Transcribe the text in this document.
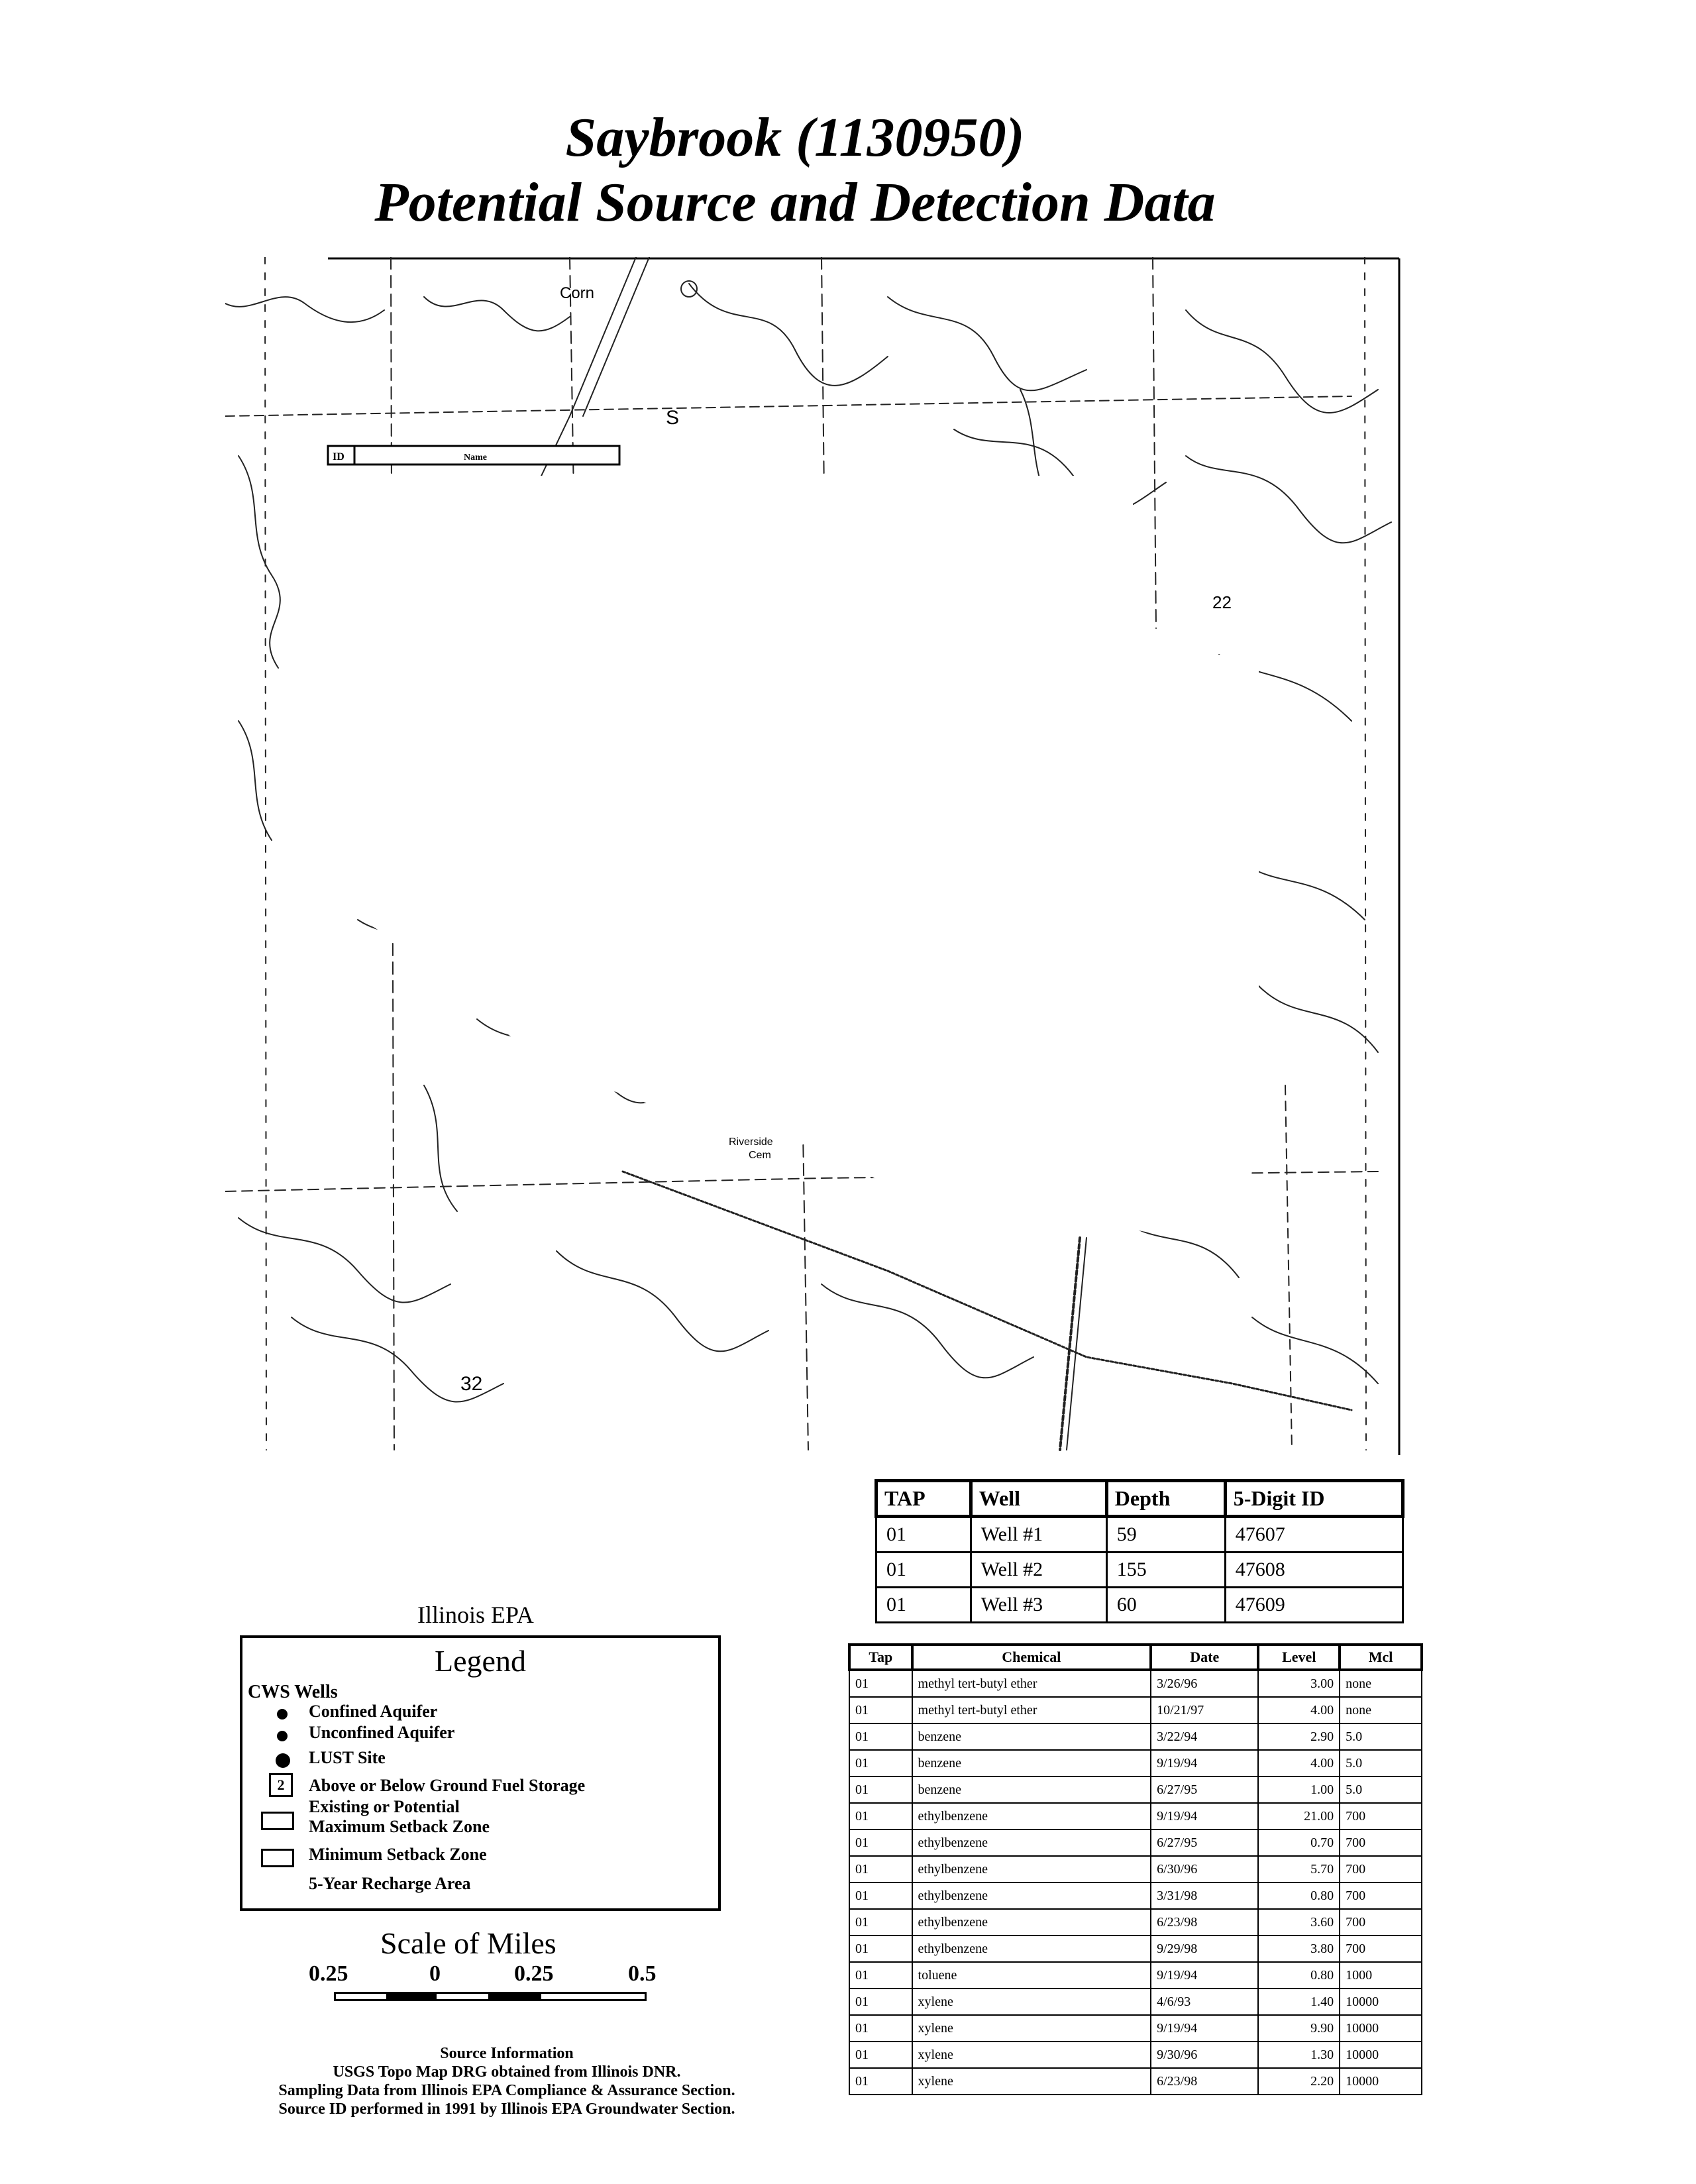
Saybrook (1130950)
Potential Source and Detection Data
ID	Name
Corn
S
22
Riverside
Cem
32
TAP	Well	Depth	5-Digit ID
01	Well #1	59	47607
01	Well #2	155	47608
01	Well #3	60	47609
Tap	Chemical	Date	Level	Mcl
01	methyl tert-butyl ether	3/26/96	3.00	none
01	methyl tert-butyl ether	10/21/97	4.00	none
01	benzene	3/22/94	2.90	5.0
01	benzene	9/19/94	4.00	5.0
01	benzene	6/27/95	1.00	5.0
01	ethylbenzene	9/19/94	21.00	700
01	ethylbenzene	6/27/95	0.70	700
01	ethylbenzene	6/30/96	5.70	700
01	ethylbenzene	3/31/98	0.80	700
01	ethylbenzene	6/23/98	3.60	700
01	ethylbenzene	9/29/98	3.80	700
01	toluene	9/19/94	0.80	1000
01	xylene	4/6/93	1.40	10000
01	xylene	9/19/94	9.90	10000
01	xylene	9/30/96	1.30	10000
01	xylene	6/23/98	2.20	10000
Illinois EPA
Legend
CWS Wells
Confined Aquifer
Unconfined Aquifer
LUST Site
2	Above or Below Ground Fuel Storage
Existing or Potential
Maximum Setback Zone
Minimum Setback Zone
5-Year Recharge Area
Scale of Miles
0.25	0	0.25	0.5
Source Information
USGS Topo Map DRG obtained from Illinois DNR.
Sampling Data from Illinois EPA Compliance & Assurance Section.
Source ID performed in 1991 by Illinois EPA Groundwater Section.
